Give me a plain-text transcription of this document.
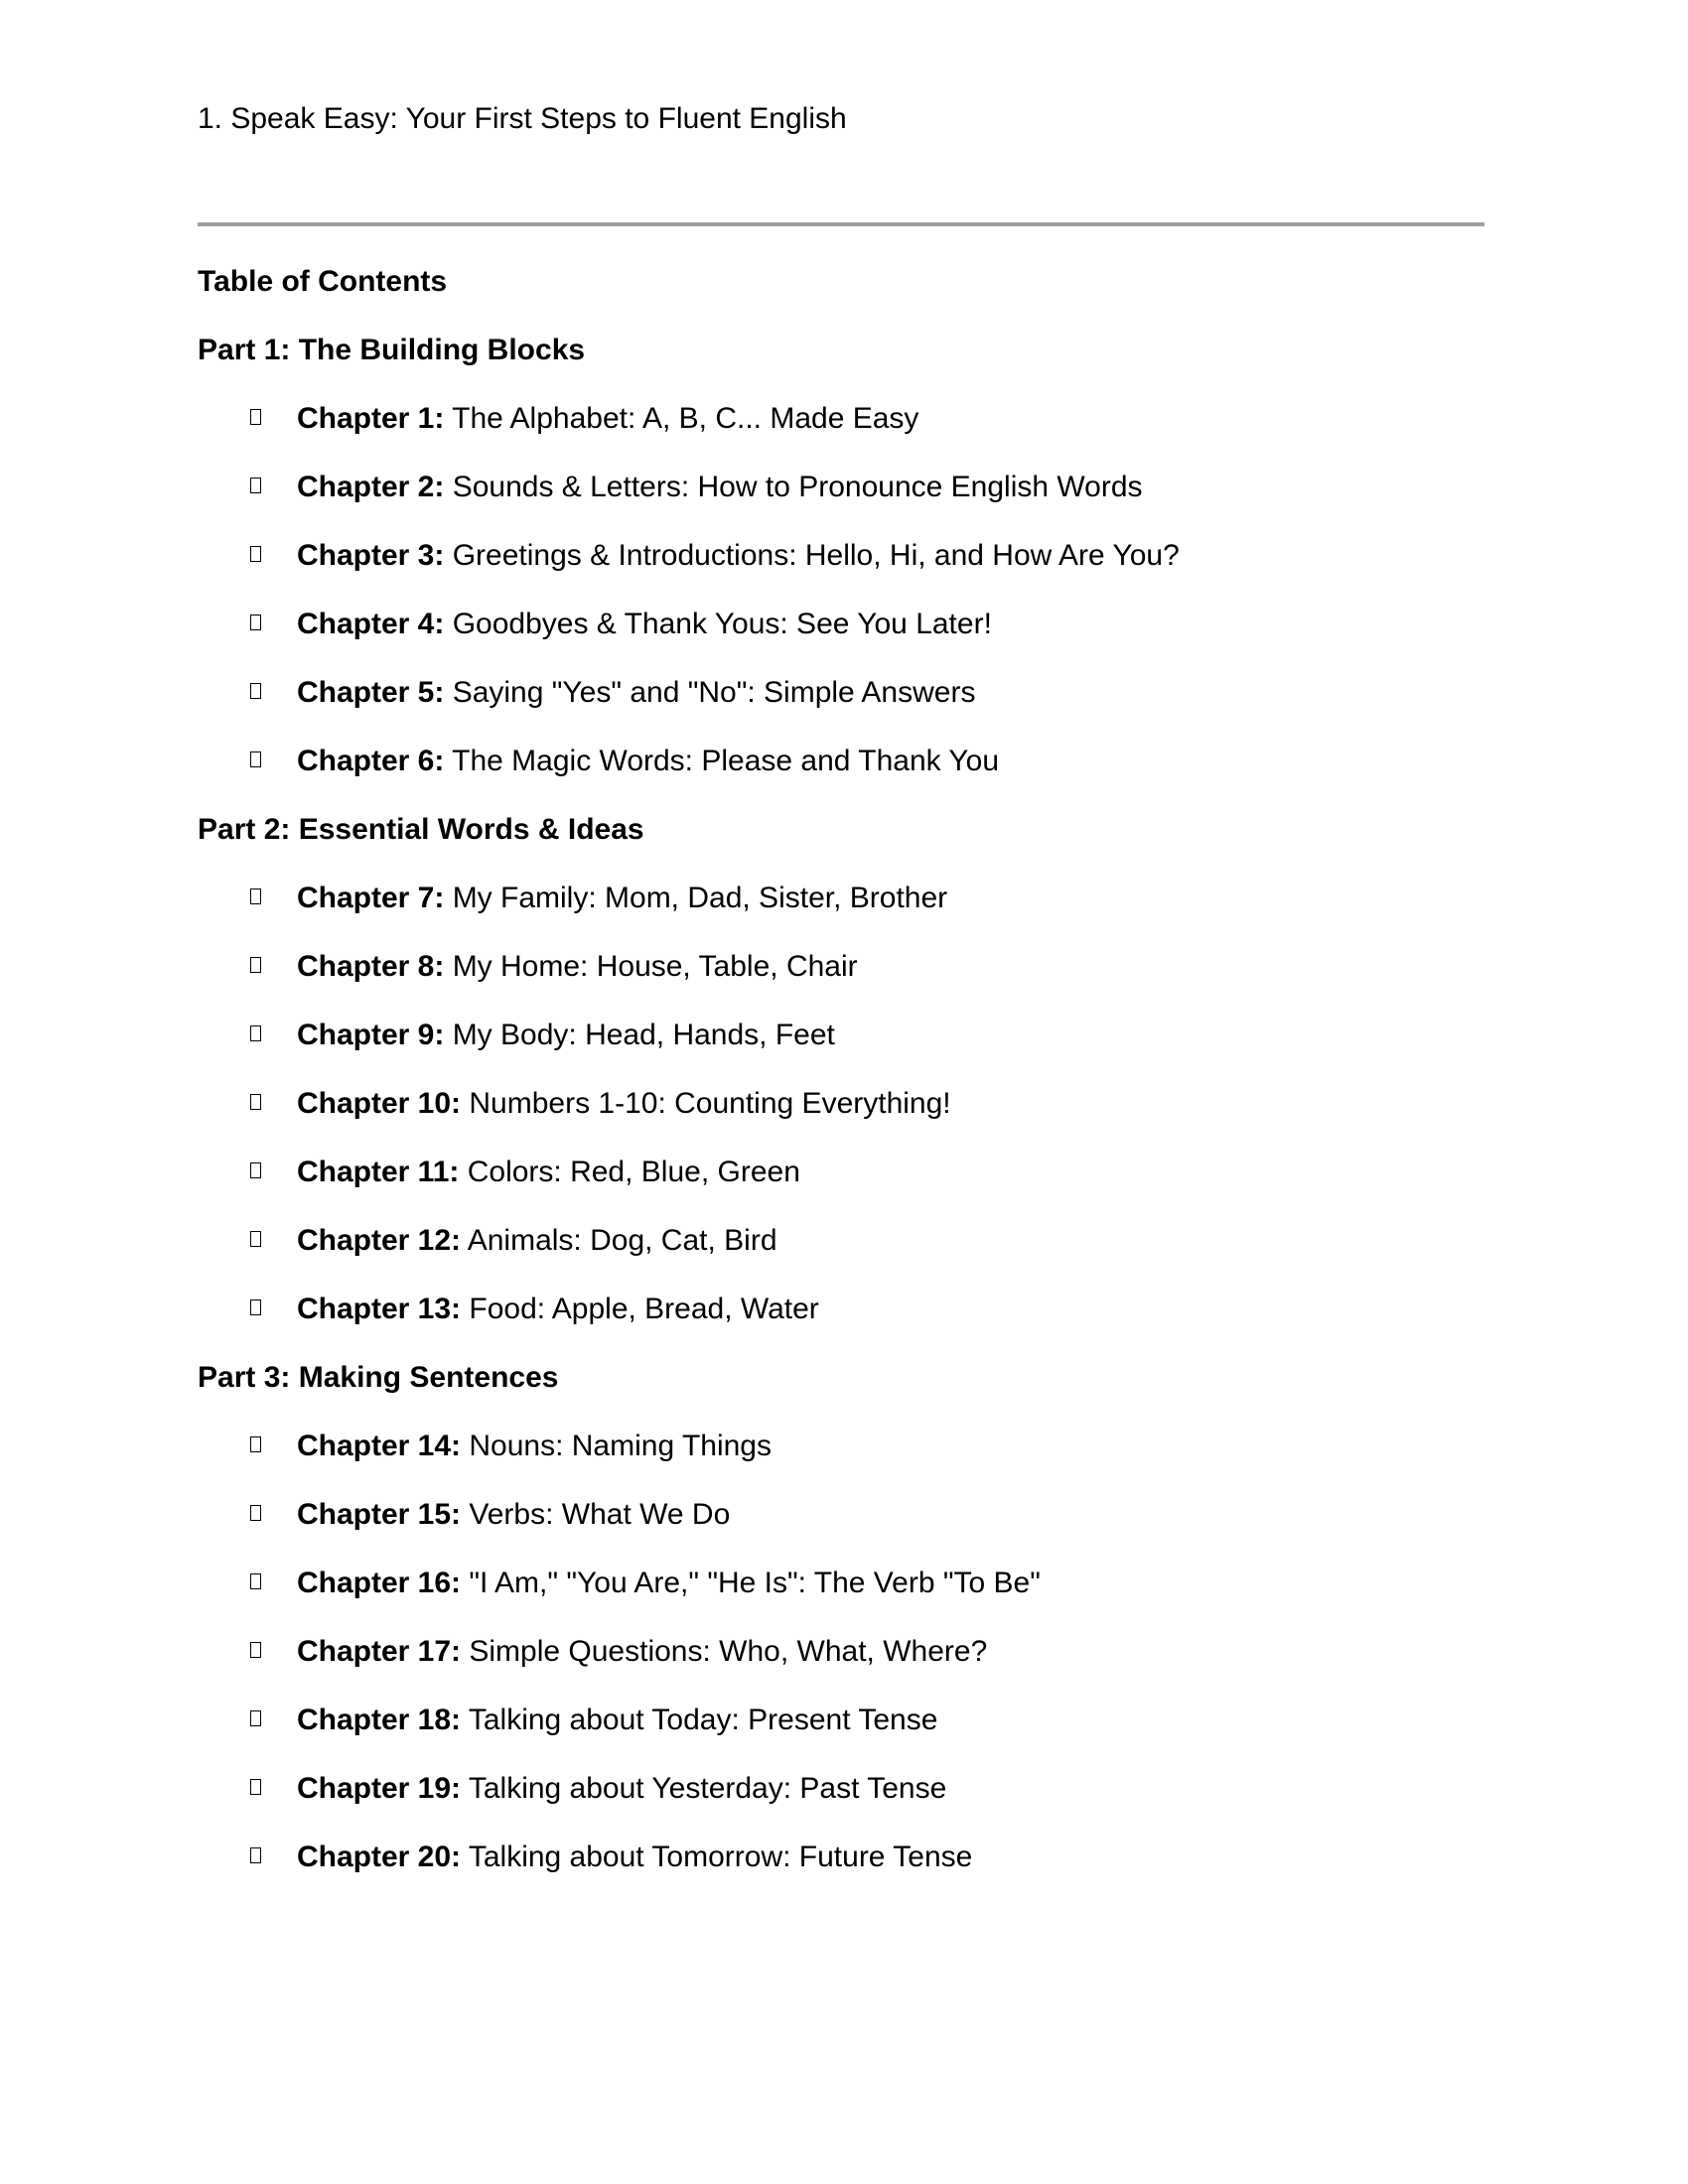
1. Speak Easy: Your First Steps to Fluent English
Table of Contents
Part 1: The Building Blocks
Chapter 1: The Alphabet: A, B, C... Made Easy
Chapter 2: Sounds & Letters: How to Pronounce English Words
Chapter 3: Greetings & Introductions: Hello, Hi, and How Are You?
Chapter 4: Goodbyes & Thank Yous: See You Later!
Chapter 5: Saying "Yes" and "No": Simple Answers
Chapter 6: The Magic Words: Please and Thank You
Part 2: Essential Words & Ideas
Chapter 7: My Family: Mom, Dad, Sister, Brother
Chapter 8: My Home: House, Table, Chair
Chapter 9: My Body: Head, Hands, Feet
Chapter 10: Numbers 1-10: Counting Everything!
Chapter 11: Colors: Red, Blue, Green
Chapter 12: Animals: Dog, Cat, Bird
Chapter 13: Food: Apple, Bread, Water
Part 3: Making Sentences
Chapter 14: Nouns: Naming Things
Chapter 15: Verbs: What We Do
Chapter 16: "I Am," "You Are," "He Is": The Verb "To Be"
Chapter 17: Simple Questions: Who, What, Where?
Chapter 18: Talking about Today: Present Tense
Chapter 19: Talking about Yesterday: Past Tense
Chapter 20: Talking about Tomorrow: Future Tense
